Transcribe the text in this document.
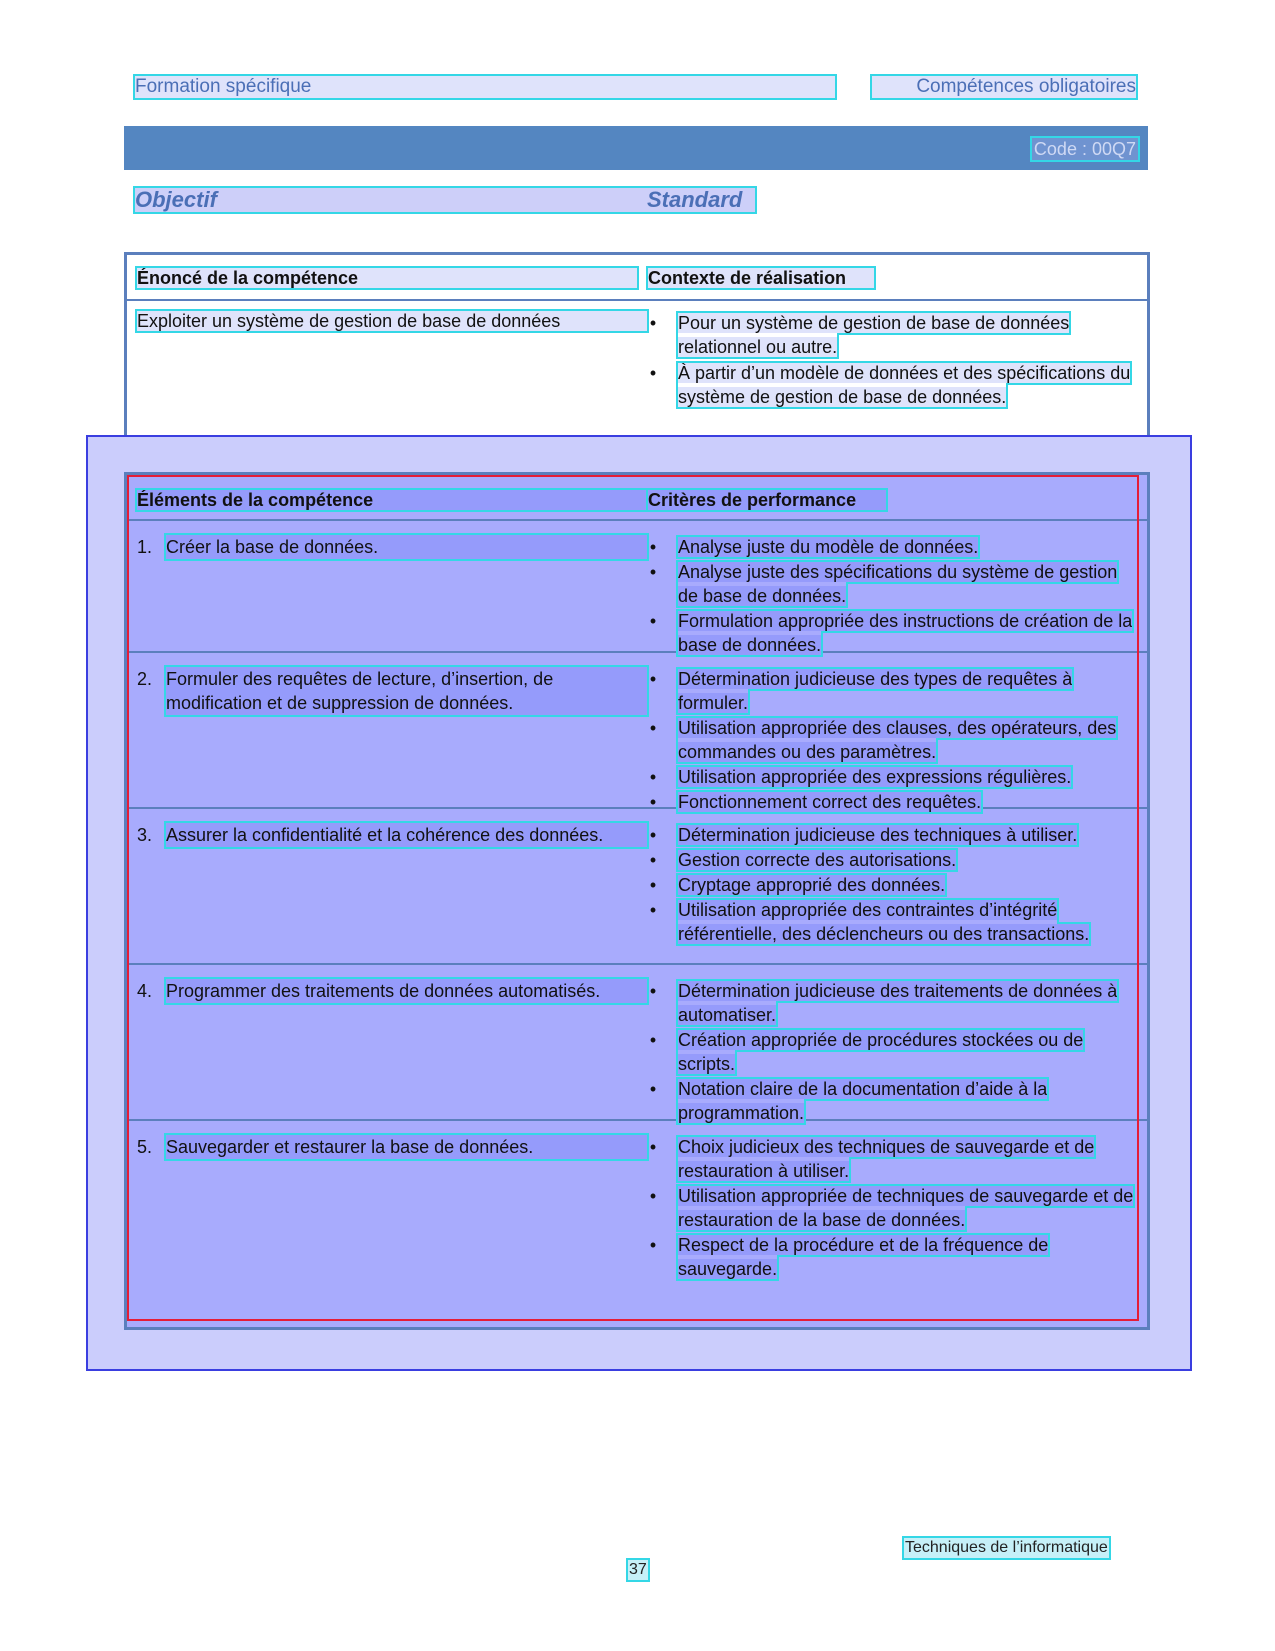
Formation spécifique	Compétences obligatoires
Code : 00Q7
Objectif	Standard
Énoncé de la compétence	Contexte de réalisation
Exploiter un système de gestion de base de données	• Pour un système de gestion de base de données relationnel ou autre.
• À partir d’un modèle de données et des spécifications du système de gestion de base de données.
Éléments de la compétence	Critères de performance
1. Créer la base de données.	• Analyse juste du modèle de données.
• Analyse juste des spécifications du système de gestion de base de données.
• Formulation appropriée des instructions de création de la base de données.
2. Formuler des requêtes de lecture, d’insertion, de modification et de suppression de données.
• Détermination judicieuse des types de requêtes à formuler.
• Utilisation appropriée des clauses, des opérateurs, des commandes ou des paramètres.
• Utilisation appropriée des expressions régulières.
• Fonctionnement correct des requêtes.
3. Assurer la confidentialité et la cohérence des données.	• Détermination judicieuse des techniques à utiliser.
• Gestion correcte des autorisations.
• Cryptage approprié des données.
• Utilisation appropriée des contraintes d’intégrité référentielle, des déclencheurs ou des transactions.
4. Programmer des traitements de données automatisés.	• Détermination judicieuse des traitements de données à automatiser.
• Création appropriée de procédures stockées ou de scripts.
• Notation claire de la documentation d’aide à la programmation.
5. Sauvegarder et restaurer la base de données.	• Choix judicieux des techniques de sauvegarde et de restauration à utiliser.
• Utilisation appropriée de techniques de sauvegarde et de restauration de la base de données.
• Respect de la procédure et de la fréquence de sauvegarde.
Techniques de l’informatique
37
